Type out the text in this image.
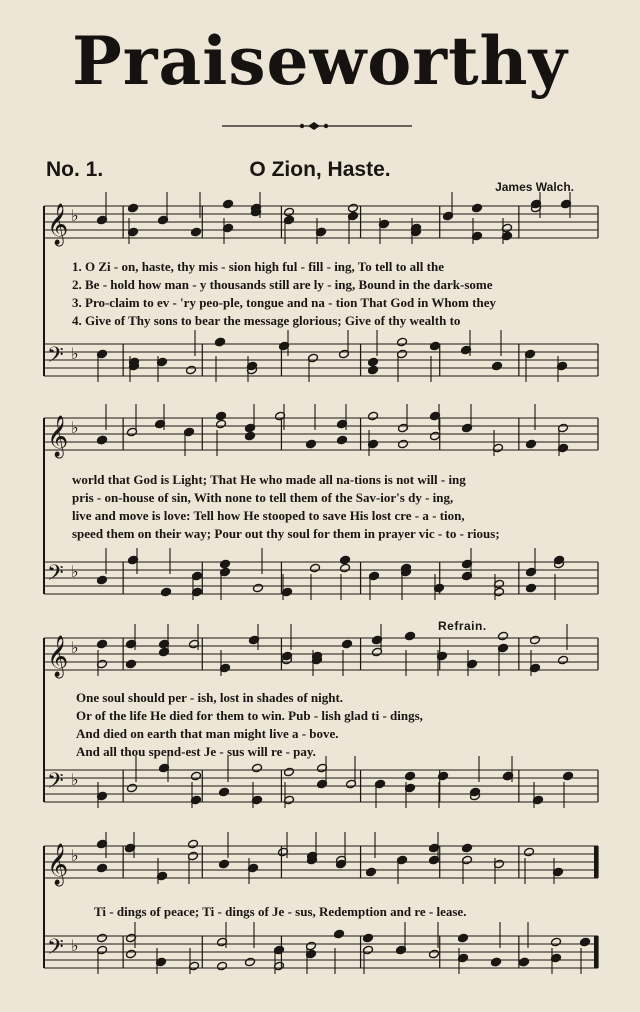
Praiseworthy
No. 1.	O Zion, Haste.
James Walch.
Refrain.
𝄞 ♭
𝄢 ♭
1. O Zi - on, haste, thy mis - sion high ful - fill - ing, To tell to all the
2. Be - hold how man - y thousands still are ly - ing, Bound in the dark-some
3. Pro-claim to ev - 'ry peo-ple, tongue and na - tion That God in Whom they
4. Give of Thy sons to bear the message glorious; Give of thy wealth to
𝄞 ♭
𝄢 ♭
world that God is Light; That He who made all na-tions is not will - ing
pris - on-house of sin, With none to tell them of the Sav-ior's dy - ing,
live and move is love: Tell how He stooped to save His lost cre - a - tion,
speed them on their way; Pour out thy soul for them in prayer vic - to - rious;
𝄞 ♭
𝄢 ♭
One soul should per - ish, lost in shades of night.
Or of the life He died for them to win. Pub - lish glad ti - dings,
And died on earth that man might live a - bove.
And all thou spend-est Je - sus will re - pay.
𝄞 ♭
𝄢 ♭
Ti - dings of peace; Ti - dings of Je - sus, Redemption and re - lease.
